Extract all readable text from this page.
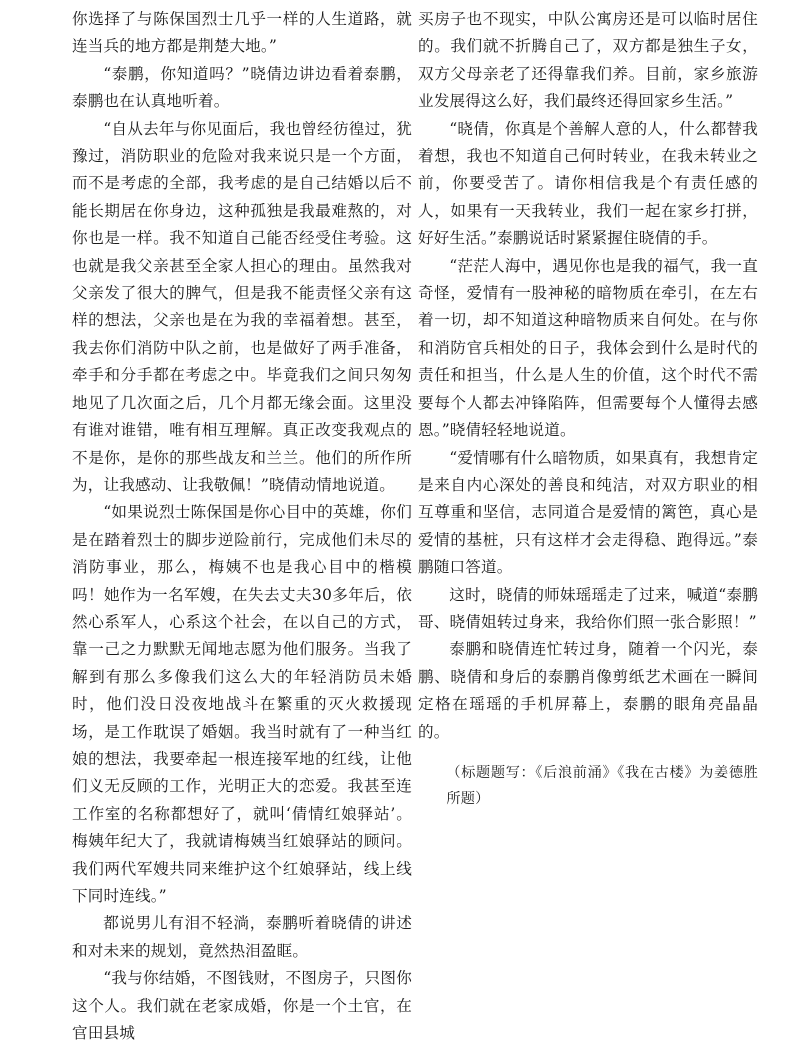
你选择了与陈保国烈士几乎一样的人生道路，就连当兵的地方都是荆楚大地。”

“泰鹏，你知道吗？”晓倩边讲边看着泰鹏，泰鹏也在认真地听着。

“自从去年与你见面后，我也曾经彷徨过，犹豫过，消防职业的危险对我来说只是一个方面，而不是考虑的全部，我考虑的是自己结婚以后不能长期居在你身边，这种孤独是我最难熬的，对你也是一样。我不知道自己能否经受住考验。这也就是我父亲甚至全家人担心的理由。虽然我对父亲发了很大的脾气，但是我不能责怪父亲有这样的想法，父亲也是在为我的幸福着想。甚至，我去你们消防中队之前，也是做好了两手准备，牵手和分手都在考虑之中。毕竟我们之间只匆匆地见了几次面之后，几个月都无缘会面。这里没有谁对谁错，唯有相互理解。真正改变我观点的不是你，是你的那些战友和兰兰。他们的所作所为，让我感动、让我敬佩！”晓倩动情地说道。

“如果说烈士陈保国是你心目中的英雄，你们是在踏着烈士的脚步逆险前行，完成他们未尽的消防事业，那么，梅姨不也是我心目中的楷模吗！她作为一名军嫂，在失去丈夫30多年后，依然心系军人，心系这个社会，在以自己的方式，靠一己之力默默无闻地志愿为他们服务。当我了解到有那么多像我们这么大的年轻消防员未婚时，他们没日没夜地战斗在繁重的灭火救援现场，是工作耽误了婚姻。我当时就有了一种当红娘的想法，我要牵起一根连接军地的红线，让他们义无反顾的工作，光明正大的恋爱。我甚至连工作室的名称都想好了，就叫‘倩情红娘驿站’。梅姨年纪大了，我就请梅姨当红娘驿站的顾问。我们两代军嫂共同来维护这个红娘驿站，线上线下同时连线。”

都说男儿有泪不轻淌，泰鹏听着晓倩的讲述和对未来的规划，竟然热泪盈眶。

“我与你结婚，不图钱财，不图房子，只图你这个人。我们就在老家成婚，你是一个土官，在官田县城

买房子也不现实，中队公寓房还是可以临时居住的。我们就不折腾自己了，双方都是独生子女，双方父母亲老了还得靠我们养。目前，家乡旅游业发展得这么好，我们最终还得回家乡生活。”

“晓倩，你真是个善解人意的人，什么都替我着想，我也不知道自己何时转业，在我未转业之前，你要受苦了。请你相信我是个有责任感的人，如果有一天我转业，我们一起在家乡打拼，好好生活。”泰鹏说话时紧紧握住晓倩的手。

“茫茫人海中，遇见你也是我的福气，我一直奇怪，爱情有一股神秘的暗物质在牵引，在左右着一切，却不知道这种暗物质来自何处。在与你和消防官兵相处的日子，我体会到什么是时代的责任和担当，什么是人生的价值，这个时代不需要每个人都去冲锋陷阵，但需要每个人懂得去感恩。”晓倩轻轻地说道。

“爱情哪有什么暗物质，如果真有，我想肯定是来自内心深处的善良和纯洁，对双方职业的相互尊重和坚信，志同道合是爱情的篱笆，真心是爱情的基桩，只有这样才会走得稳、跑得远。”泰鹏随口答道。

这时，晓倩的师妹瑶瑶走了过来，喊道“泰鹏哥、晓倩姐转过身来，我给你们照一张合影照！”

泰鹏和晓倩连忙转过身，随着一个闪光，泰鹏、晓倩和身后的泰鹏肖像剪纸艺术画在一瞬间定格在瑶瑶的手机屏幕上，泰鹏的眼角亮晶晶的。

（标题题写：《后浪前涌》《我在古楼》为姜德胜所题）
